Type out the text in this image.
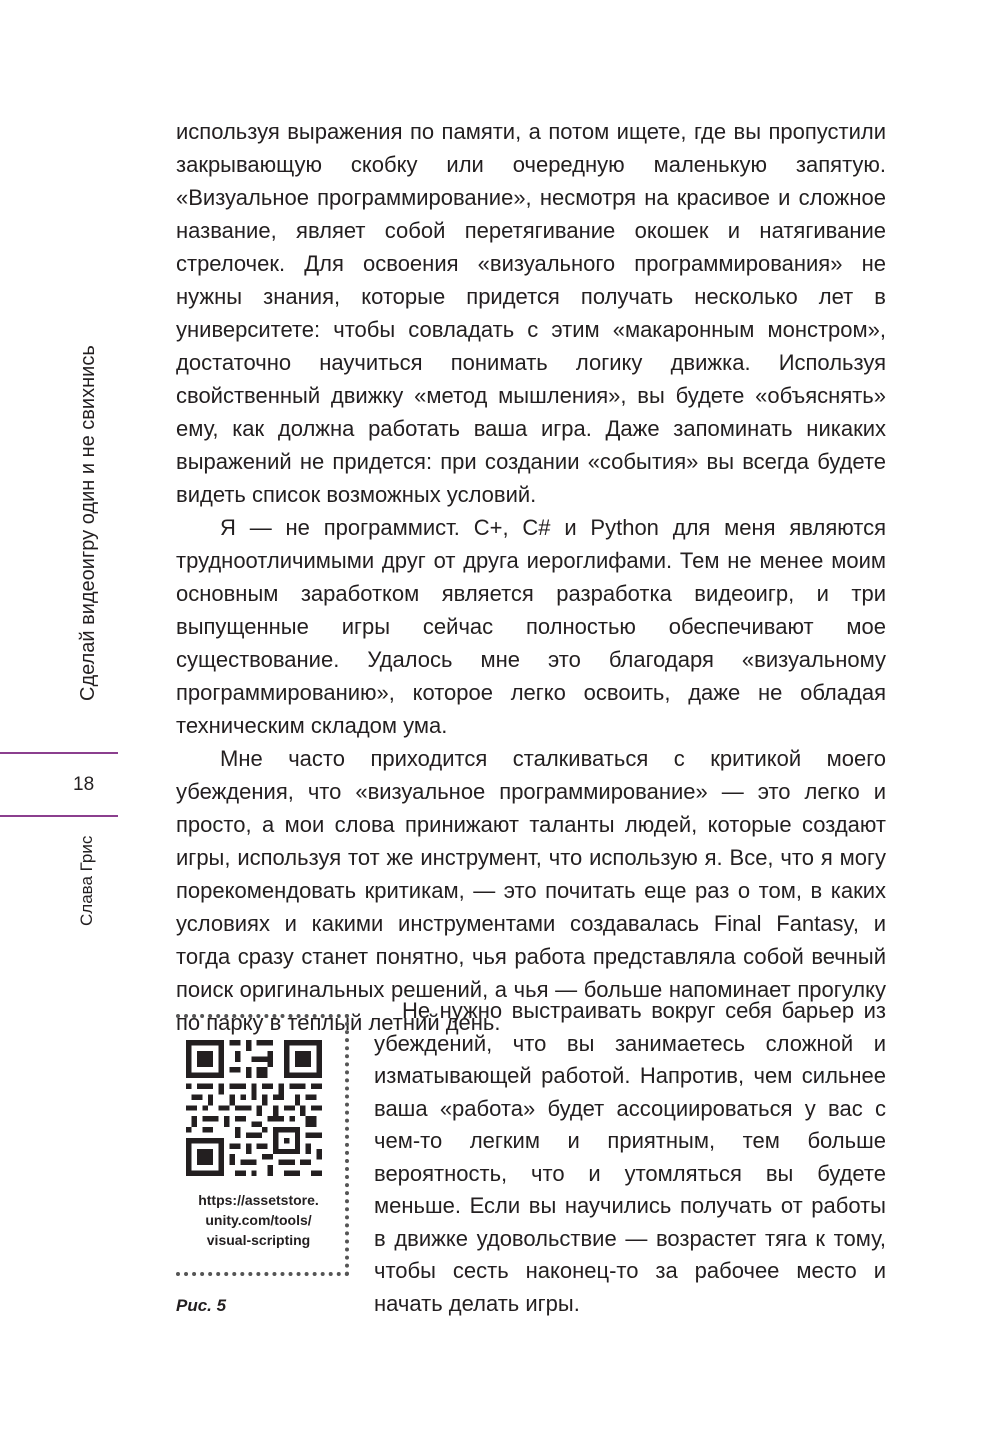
Сделай видеоигру один и не свихнись
18
Слава Грис

используя выражения по памяти, а потом ищете, где вы пропустили закрывающую скобку или очередную маленькую запятую. «Визуальное программирование», несмотря на красивое и сложное название, являет собой перетягивание окошек и натягивание стрелочек. Для освоения «визуального программирования» не нужны знания, которые придется получать несколько лет в университете: чтобы совладать с этим «макаронным монстром», достаточно научиться понимать логику движка. Используя свойственный движку «метод мышления», вы будете «объяснять» ему, как должна работать ваша игра. Даже запоминать никаких выражений не придется: при создании «события» вы всегда будете видеть список возможных условий.

Я — не программист. C+, C# и Python для меня являются трудноотличимыми друг от друга иероглифами. Тем не менее моим основным заработком является разработка видеоигр, и три выпущенные игры сейчас полностью обеспечивают мое существование. Удалось мне это благодаря «визуальному программированию», которое легко освоить, даже не обладая техническим складом ума.

Мне часто приходится сталкиваться с критикой моего убеждения, что «визуальное программирование» — это легко и просто, а мои слова принижают таланты людей, которые создают игры, используя тот же инструмент, что использую я. Все, что я могу порекомендовать критикам, — это почитать еще раз о том, в каких условиях и какими инструментами создавалась Final Fantasy, и тогда сразу станет понятно, чья работа представляла собой вечный поиск оригинальных решений, а чья — больше напоминает прогулку по парку в теплый летний день.

https://assetstore.
unity.com/tools/
visual-scripting
Рис. 5

Не нужно выстраивать вокруг себя барьер из убеждений, что вы занимаетесь сложной и изматывающей работой. Напротив, чем сильнее ваша «работа» будет ассоциироваться у вас с чем-то легким и приятным, тем больше вероятность, что и утомляться вы будете меньше. Если вы научились получать от работы в движке удовольствие — возрастет тяга к тому, чтобы сесть наконец-то за рабочее место и начать делать игры.
